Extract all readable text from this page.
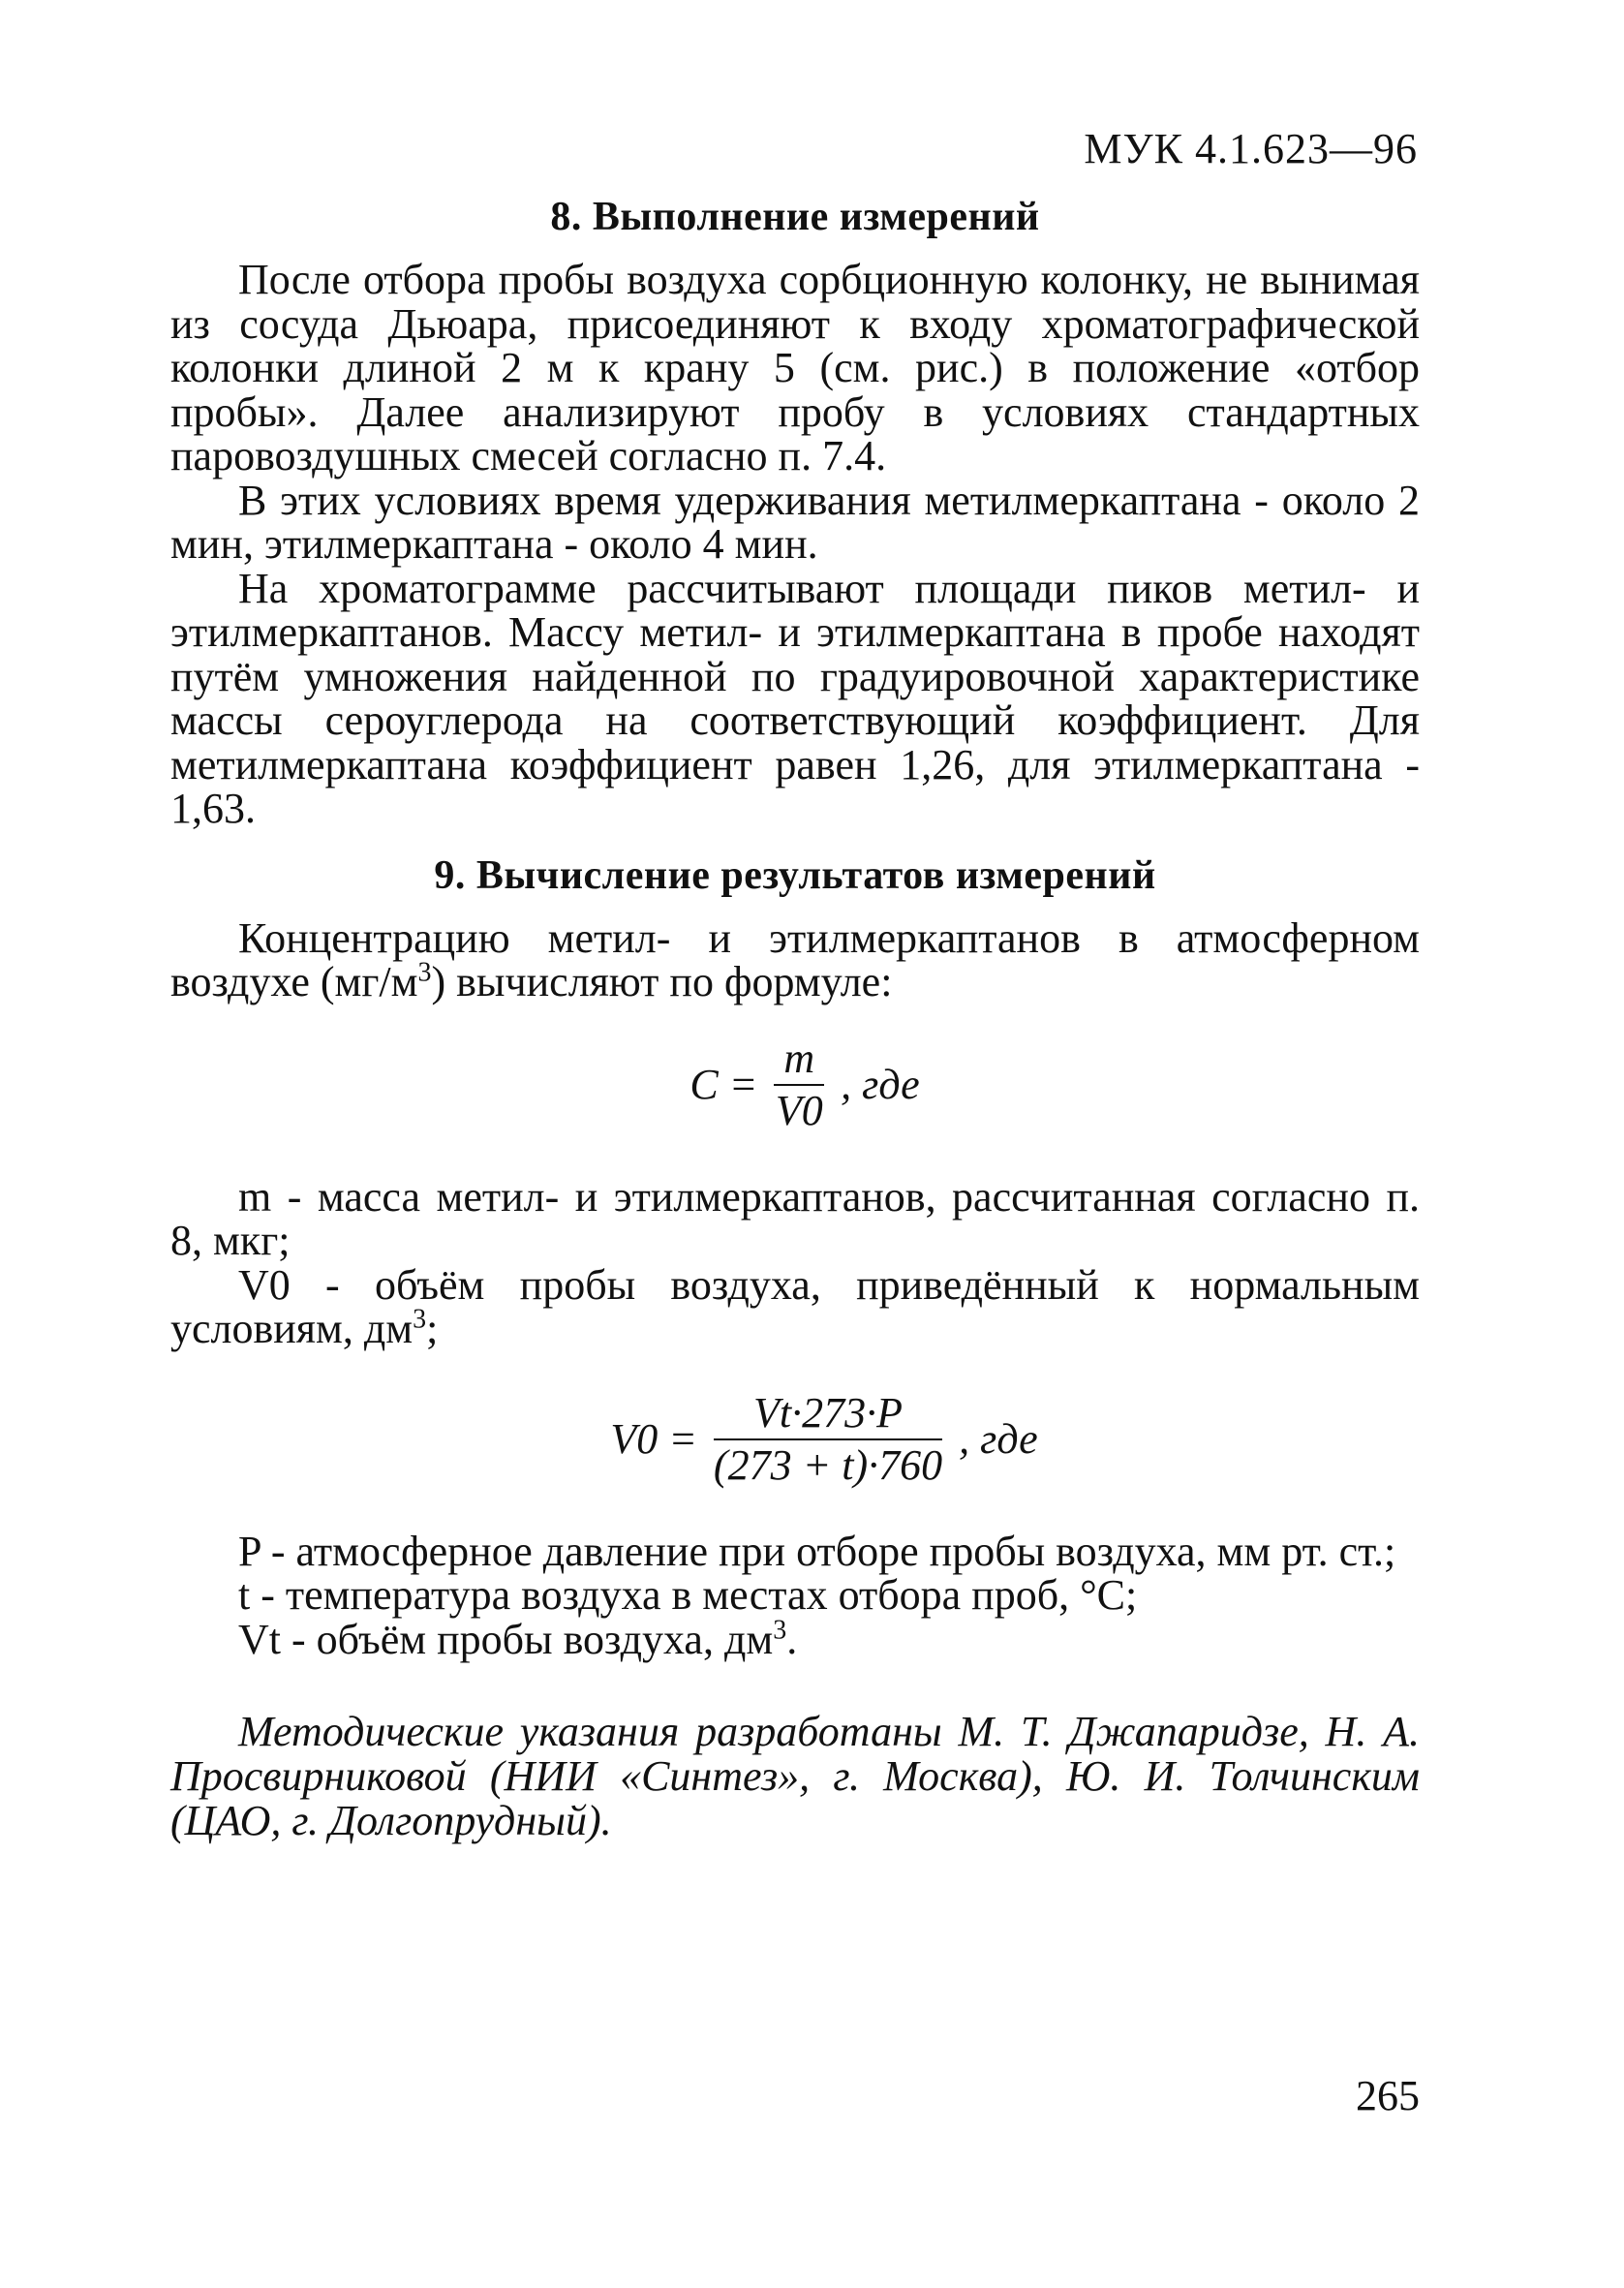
МУК 4.1.623—96
8. Выполнение измерений

После отбора пробы воздуха сорбционную колонку, не вынимая из сосуда Дьюара, присоединяют к входу хроматографической колонки длиной 2 м к крану 5 (см. рис.) в положение «отбор пробы». Далее анализируют пробу в условиях стандартных паровоздушных смесей согласно п. 7.4.

В этих условиях время удерживания метилмеркаптана - около 2 мин, этилмеркаптана - около 4 мин.

На хроматограмме рассчитывают площади пиков метил- и этилмеркаптанов. Массу метил- и этилмеркаптана в пробе находят путём умножения найденной по градуировочной характеристике массы сероуглерода на соответствующий коэффициент. Для метилмеркаптана коэффициент равен 1,26, для этилмеркаптана - 1,63.

9. Вычисление результатов измерений

Концентрацию метил- и этилмеркаптанов в атмосферном воздухе $(мг/м^3)$ вычисляют по формуле:

$C = \frac{m}{V0}$ , где

m - масса метил- и этилмеркаптанов, рассчитанная согласно п. 8, мкг;

V0 - объём пробы воздуха, приведённый к нормальным условиям, $дм^3$;

$V0 = \frac{Vt\cdot 273\cdot P}{(273 + t)\cdot 760}$ , где

P - атмосферное давление при отборе пробы воздуха, мм рт. ст.;

t - температура воздуха в местах отбора проб, °C;

Vt - объём пробы воздуха, $дм^3$.

Методические указания разработаны М. Т. Джапаридзе, Н. А. Просвирниковой (НИИ «Синтез», г. Москва), Ю. И. Толчинским (ЦАО, г. Долгопрудный).
265
